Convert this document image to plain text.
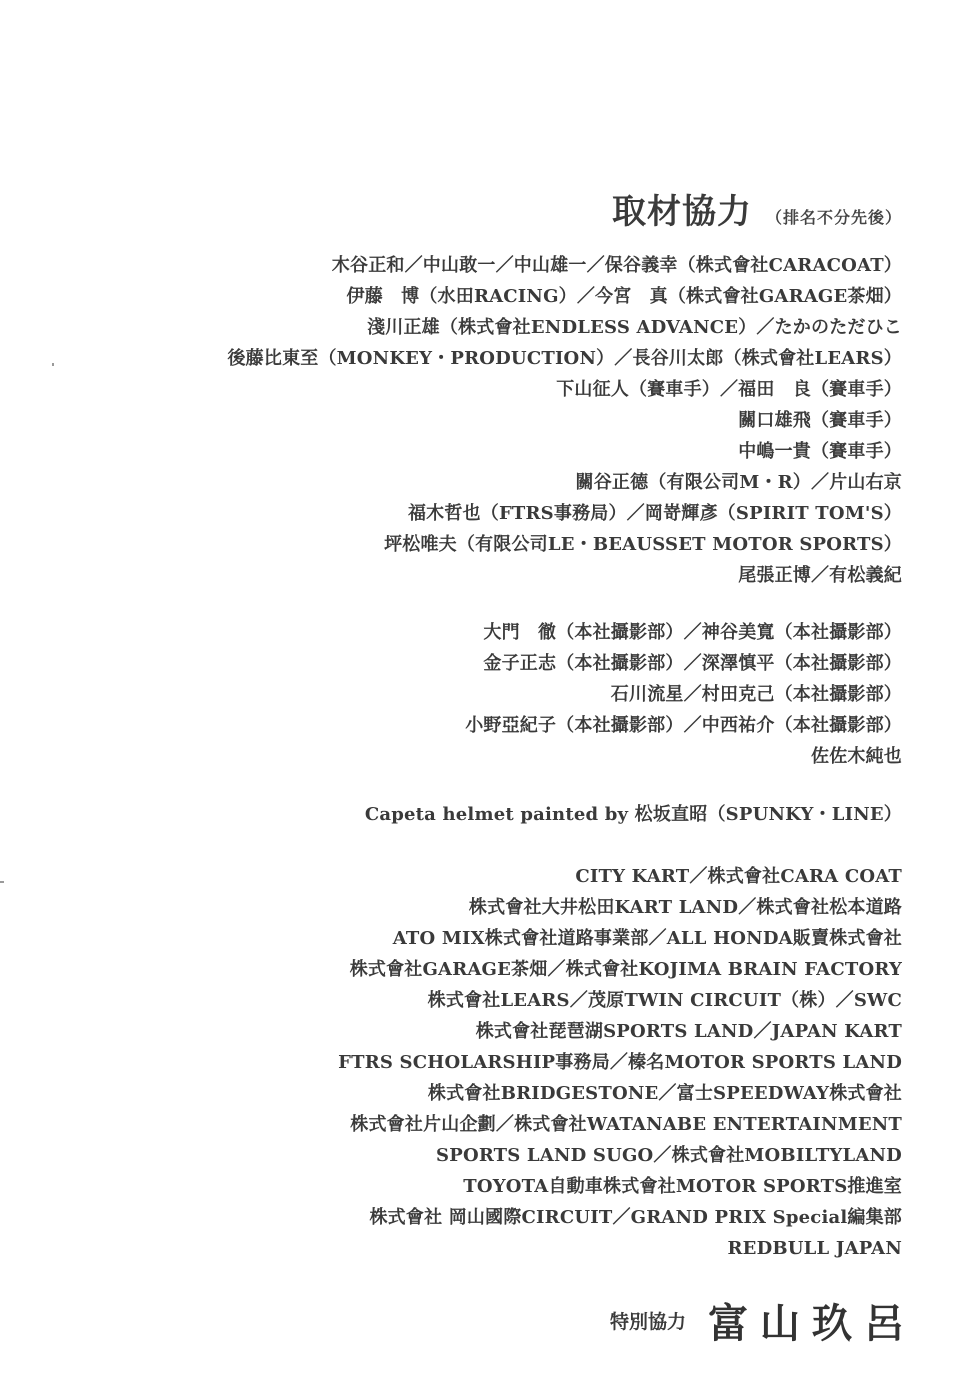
取材協力 （排名不分先後）
木谷正和／中山敢一／中山雄一／保谷義幸（株式會社CARACOAT）
伊藤　博（水田RACING）／今宮　真（株式會社GARAGE茶畑）
淺川正雄（株式會社ENDLESS ADVANCE）／たかのただひこ
後藤比東至（MONKEY・PRODUCTION）／長谷川太郎（株式會社LEARS）
下山征人（賽車手）／福田　良（賽車手）
關口雄飛（賽車手）
中嶋一貴（賽車手）
關谷正德（有限公司M・R）／片山右京
福木哲也（FTRS事務局）／岡嵜輝彥（SPIRIT TOM'S）
坪松唯夫（有限公司LE・BEAUSSET MOTOR SPORTS）
尾張正博／有松義紀
大門　徹（本社攝影部）／神谷美寬（本社攝影部）
金子正志（本社攝影部）／深澤慎平（本社攝影部）
石川流星／村田克己（本社攝影部）
小野亞紀子（本社攝影部）／中西祐介（本社攝影部）
佐佐木純也
Capeta helmet painted by 松坂直昭（SPUNKY・LINE）
CITY KART／株式會社CARA COAT
株式會社大井松田KART LAND／株式會社松本道路
ATO MIX株式會社道路事業部／ALL HONDA販賣株式會社
株式會社GARAGE茶畑／株式會社KOJIMA BRAIN FACTORY
株式會社LEARS／茂原TWIN CIRCUIT（株）／SWC
株式會社琵琶湖SPORTS LAND／JAPAN KART
FTRS SCHOLARSHIP事務局／榛名MOTOR SPORTS LAND
株式會社BRIDGESTONE／富士SPEEDWAY株式會社
株式會社片山企劃／株式會社WATANABE ENTERTAINMENT
SPORTS LAND SUGO／株式會社MOBILTYLAND
TOYOTA自動車株式會社MOTOR SPORTS推進室
株式會社 岡山國際CIRCUIT／GRAND PRIX Special編集部
REDBULL JAPAN
特別協力 富山玖呂
